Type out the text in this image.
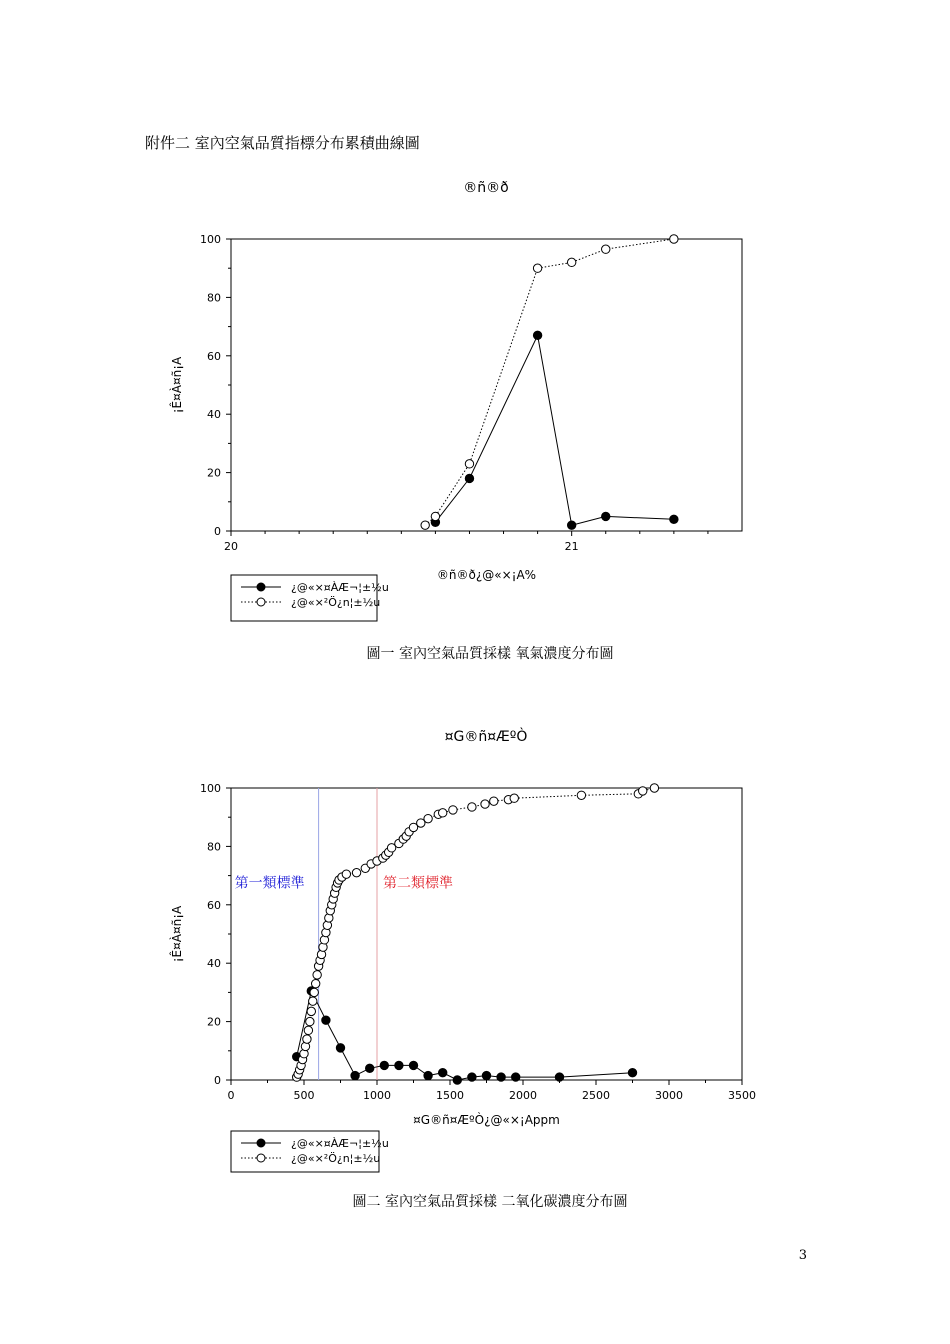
附件二 室內空氣品質指標分布累積曲線圖
®ñ®ð
0
20
40
60
80
100
20	21
®ñ®ð¿@«×¡A%
¡Ê¤À¤ñ¡A
¿@«×¤ÀÆ¬¦±½u
¿@«×²Ö¿n¦±½u
圖一 室內空氣品質採樣 氧氣濃度分布圖
¤G®ñ¤ÆºÒ
0
20
40
60
80
100
0	500	1000	1500	2000	2500	3000	3500
¤G®ñ¤ÆºÒ¿@«×¡Appm
¡Ê¤À¤ñ¡A
第一類標準	第二類標準
¿@«×¤ÀÆ¬¦±½u
¿@«×²Ö¿n¦±½u
圖二 室內空氣品質採樣 二氧化碳濃度分布圖
3
